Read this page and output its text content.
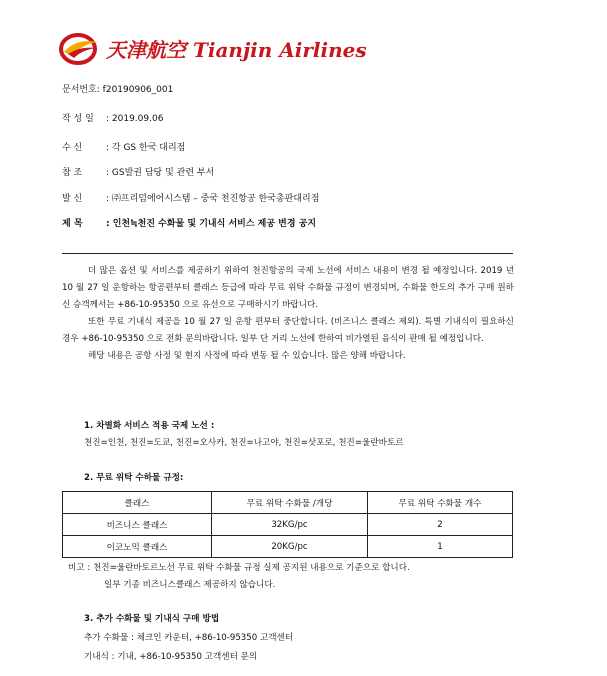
天津航空 Tianjin Airlines
문서번호: f20190906_001
작 성 일 : 2019.09.06
수 신	: 각 GS 한국 대리점
참 조	: GS발권 담당 및 관련 부서
발 신	: ㈜프리덤에어시스템 – 중국 천진항공 한국총판대리점
제 목	: 인천≒천진 수화물 및 기내식 서비스 제공 변경 공지

더 많은 옵션 및 서비스를 제공하기 위하여 천진항공의 국제 노선에 서비스 내용이 변경 될 예정입니다. 2019 년 10 월 27 일 운항하는 항공편부터 클래스 등급에 따라 무료 위탁 수화물 규정이 변경되며, 수화물 한도의 추가 구매 원하신 승객께서는 +86-10-95350 으로 유선으로 구매하시기 바랍니다.

또한 무료 기내식 제공을 10 월 27 일 운항 편부터 중단합니다. (비즈니스 클래스 제외). 특별 기내식이 필요하신경우 +86-10-95350 으로 전화 문의바랍니다. 일부 단 거리 노선에 한하여 비가열된 음식이 판매 될 예정입니다.

해당 내용은 공항 사정 및 현지 사정에 따라 변동 될 수 있습니다. 많은 양해 바랍니다.

1. 차별화 서비스 적용 국제 노선 :
천진=인천, 천진=도쿄, 천진=오사카, 천진=나고야, 천진=삿포로, 천진=울란바토르
2. 무료 위탁 수하물 규정:
클래스	무료 위탁 수화물 /개당	무료 위탁 수화물 개수
비즈니스 클래스	32KG/pc	2
이코노믹 클래스	20KG/pc	1
비고 : 천진=울란바토르노선 무료 위탁 수화물 규정 실제 공지된 내용으로 기준으로 합니다.
일부 기종 비즈니스클래스 제공하지 않습니다.
3. 추가 수화물 및 기내식 구매 방법
추가 수화물 : 체크인 카운터, +86-10-95350 고객센터
기내식 : 기내, +86-10-95350 고객센터 문의
